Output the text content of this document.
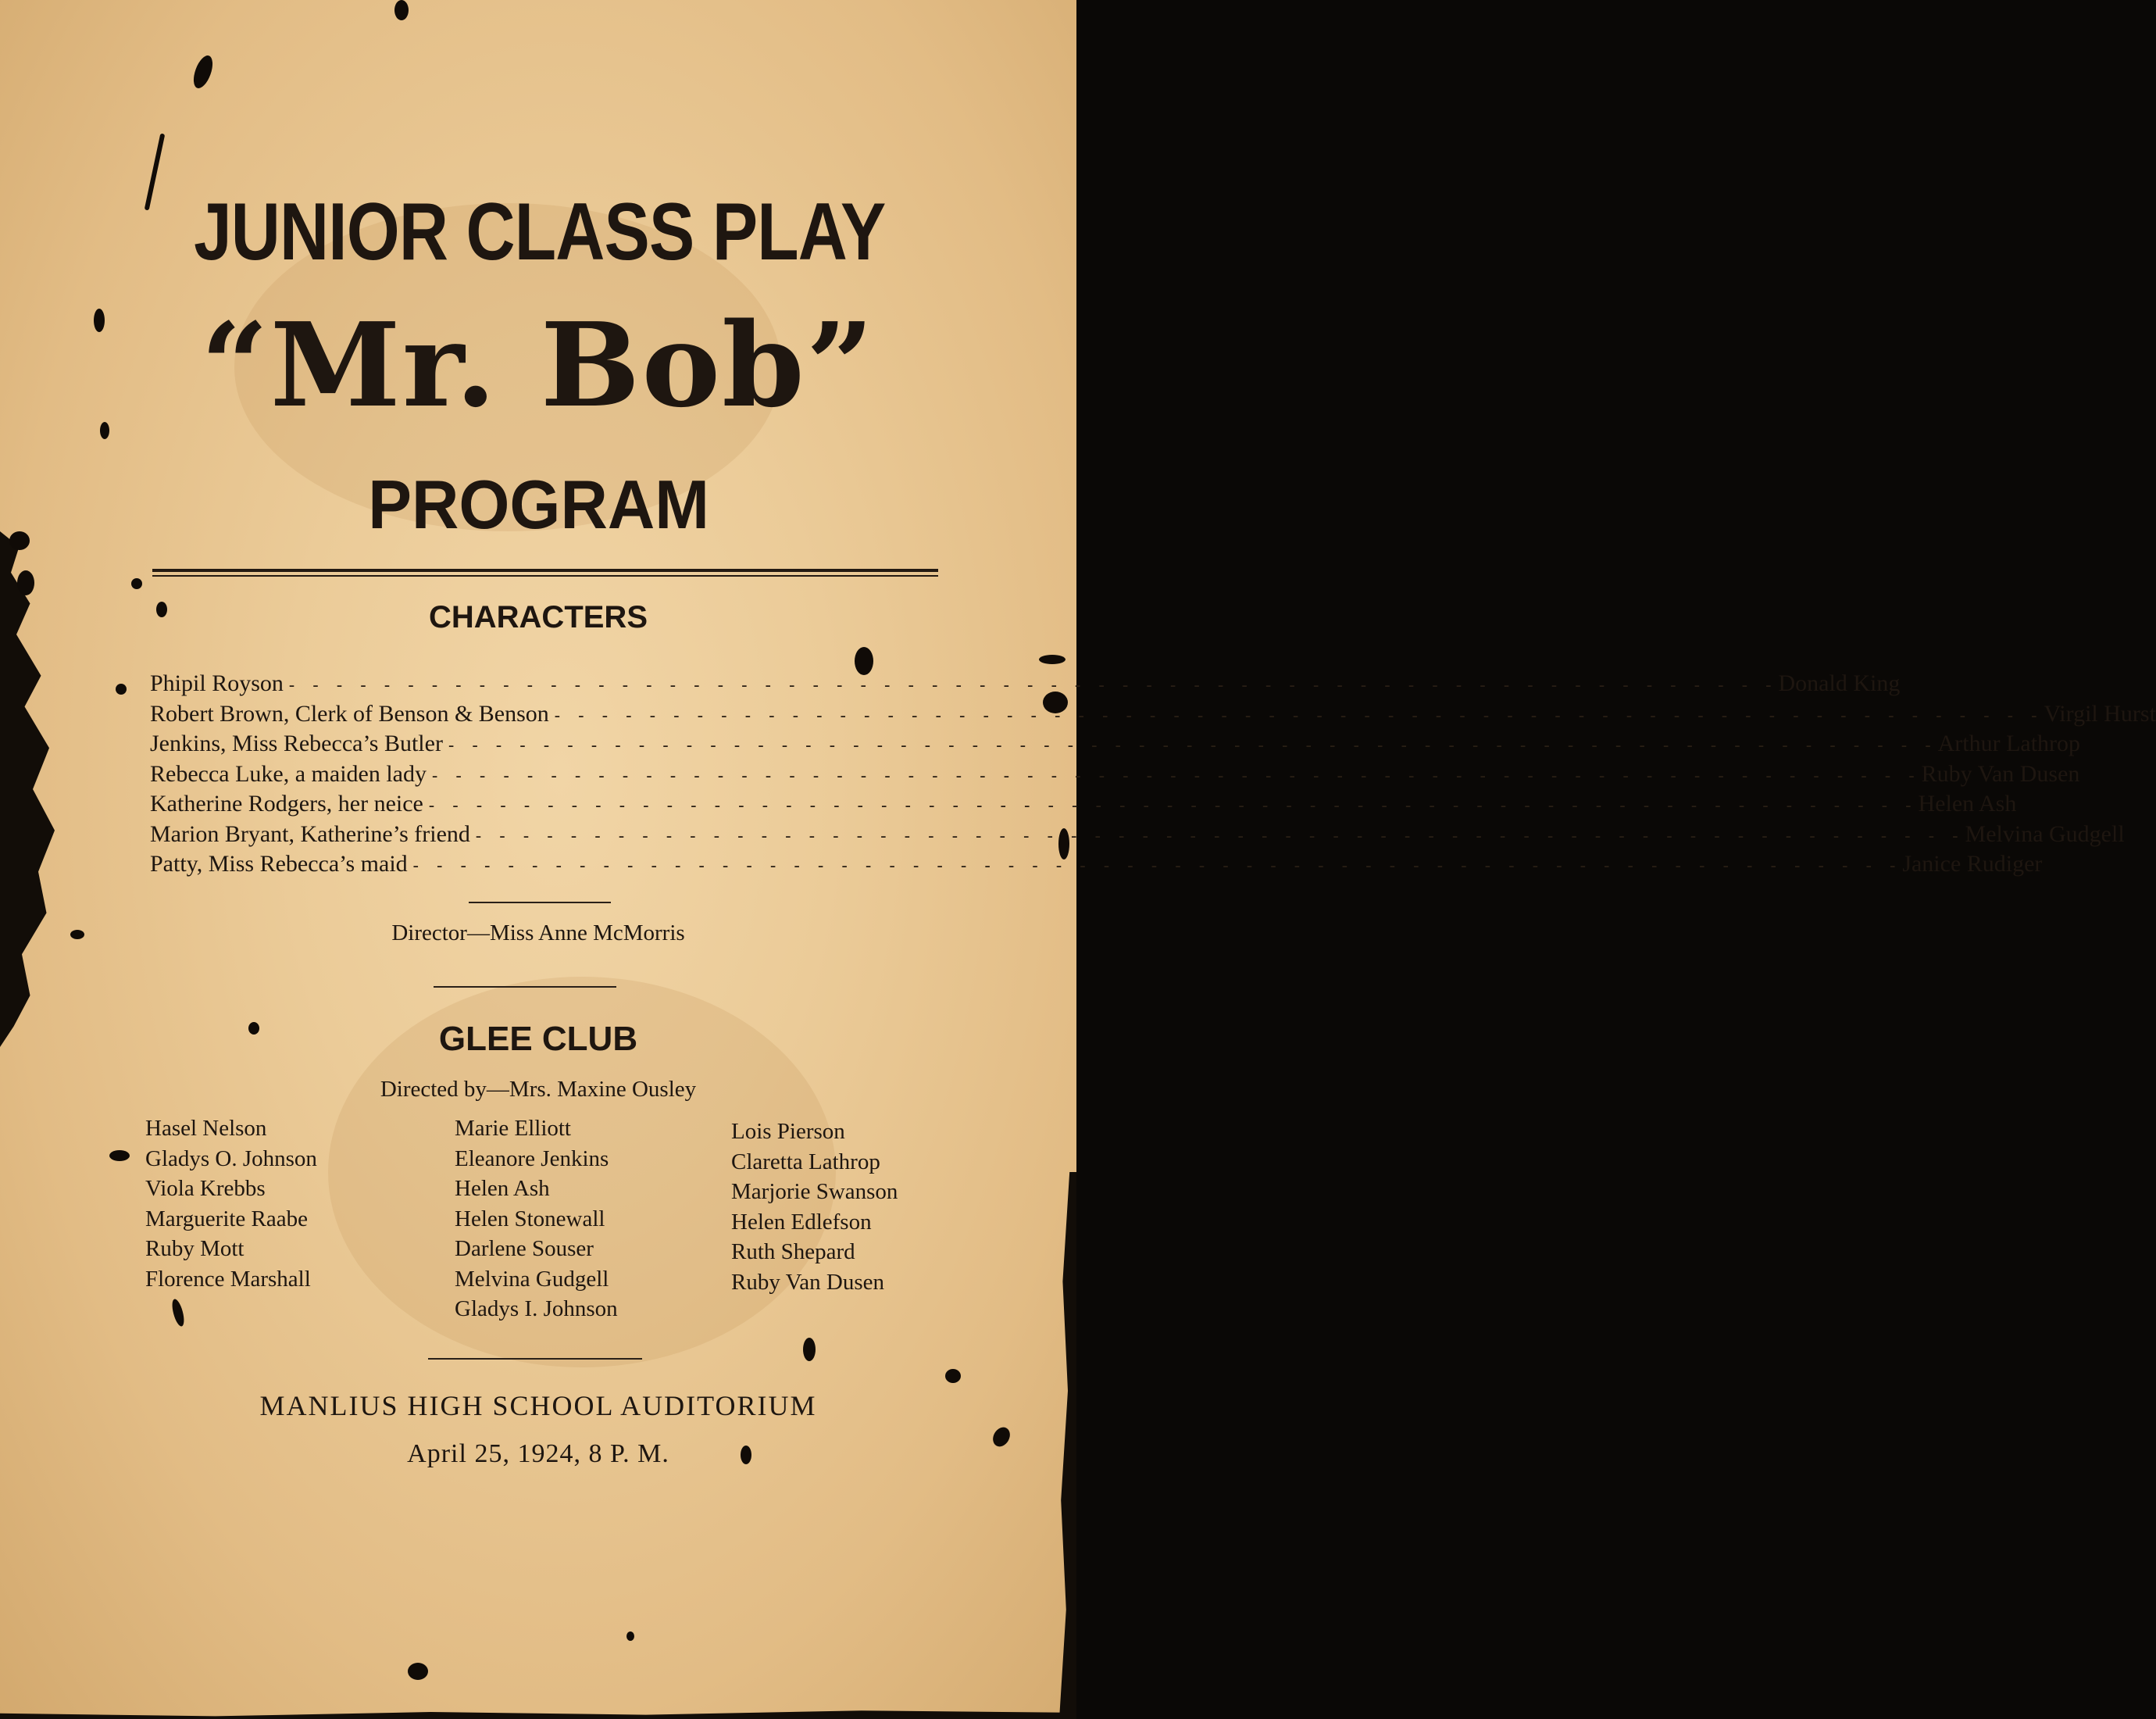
JUNIOR CLASS PLAY
“Mr. Bob”
PROGRAM
CHARACTERS
Phipil Royson - - - - - - - - - - - - - - - - - - - - - - - - - - - - - - - - - - - - - - - - - - - - - - - - - - - - - - - - - - - - - - - Donald King
Robert Brown, Clerk of Benson & Benson - - - - - - - - - - - - - - - - - - - - - - - - - - - - - - - - - - - - - - - - - - - - - - - - - - - - - - - - - - - - - - - Virgil Hurst
Jenkins, Miss Rebecca’s Butler - - - - - - - - - - - - - - - - - - - - - - - - - - - - - - - - - - - - - - - - - - - - - - - - - - - - - - - - - - - - - - - Arthur Lathrop
Rebecca Luke, a maiden lady - - - - - - - - - - - - - - - - - - - - - - - - - - - - - - - - - - - - - - - - - - - - - - - - - - - - - - - - - - - - - - - Ruby Van Dusen
Katherine Rodgers, her neice - - - - - - - - - - - - - - - - - - - - - - - - - - - - - - - - - - - - - - - - - - - - - - - - - - - - - - - - - - - - - - - Helen Ash
Marion Bryant, Katherine’s friend - - - - - - - - - - - - - - - - - - - - - - - - - - - - - - - - - - - - - - - - - - - - - - - - - - - - - - - - - - - - - - - Melvina Gudgell
Patty, Miss Rebecca’s maid - - - - - - - - - - - - - - - - - - - - - - - - - - - - - - - - - - - - - - - - - - - - - - - - - - - - - - - - - - - - - - - Janice Rudiger
Director—Miss Anne McMorris
GLEE CLUB
Directed by—Mrs. Maxine Ousley
Hasel Nelson
Gladys O. Johnson
Viola Krebbs
Marguerite Raabe
Ruby Mott
Florence Marshall
Marie Elliott
Eleanore Jenkins
Helen Ash
Helen Stonewall
Darlene Souser
Melvina Gudgell
Gladys I. Johnson
Lois Pierson
Claretta Lathrop
Marjorie Swanson
Helen Edlefson
Ruth Shepard
Ruby Van Dusen
MANLIUS HIGH SCHOOL AUDITORIUM
April 25, 1924, 8 P. M.
